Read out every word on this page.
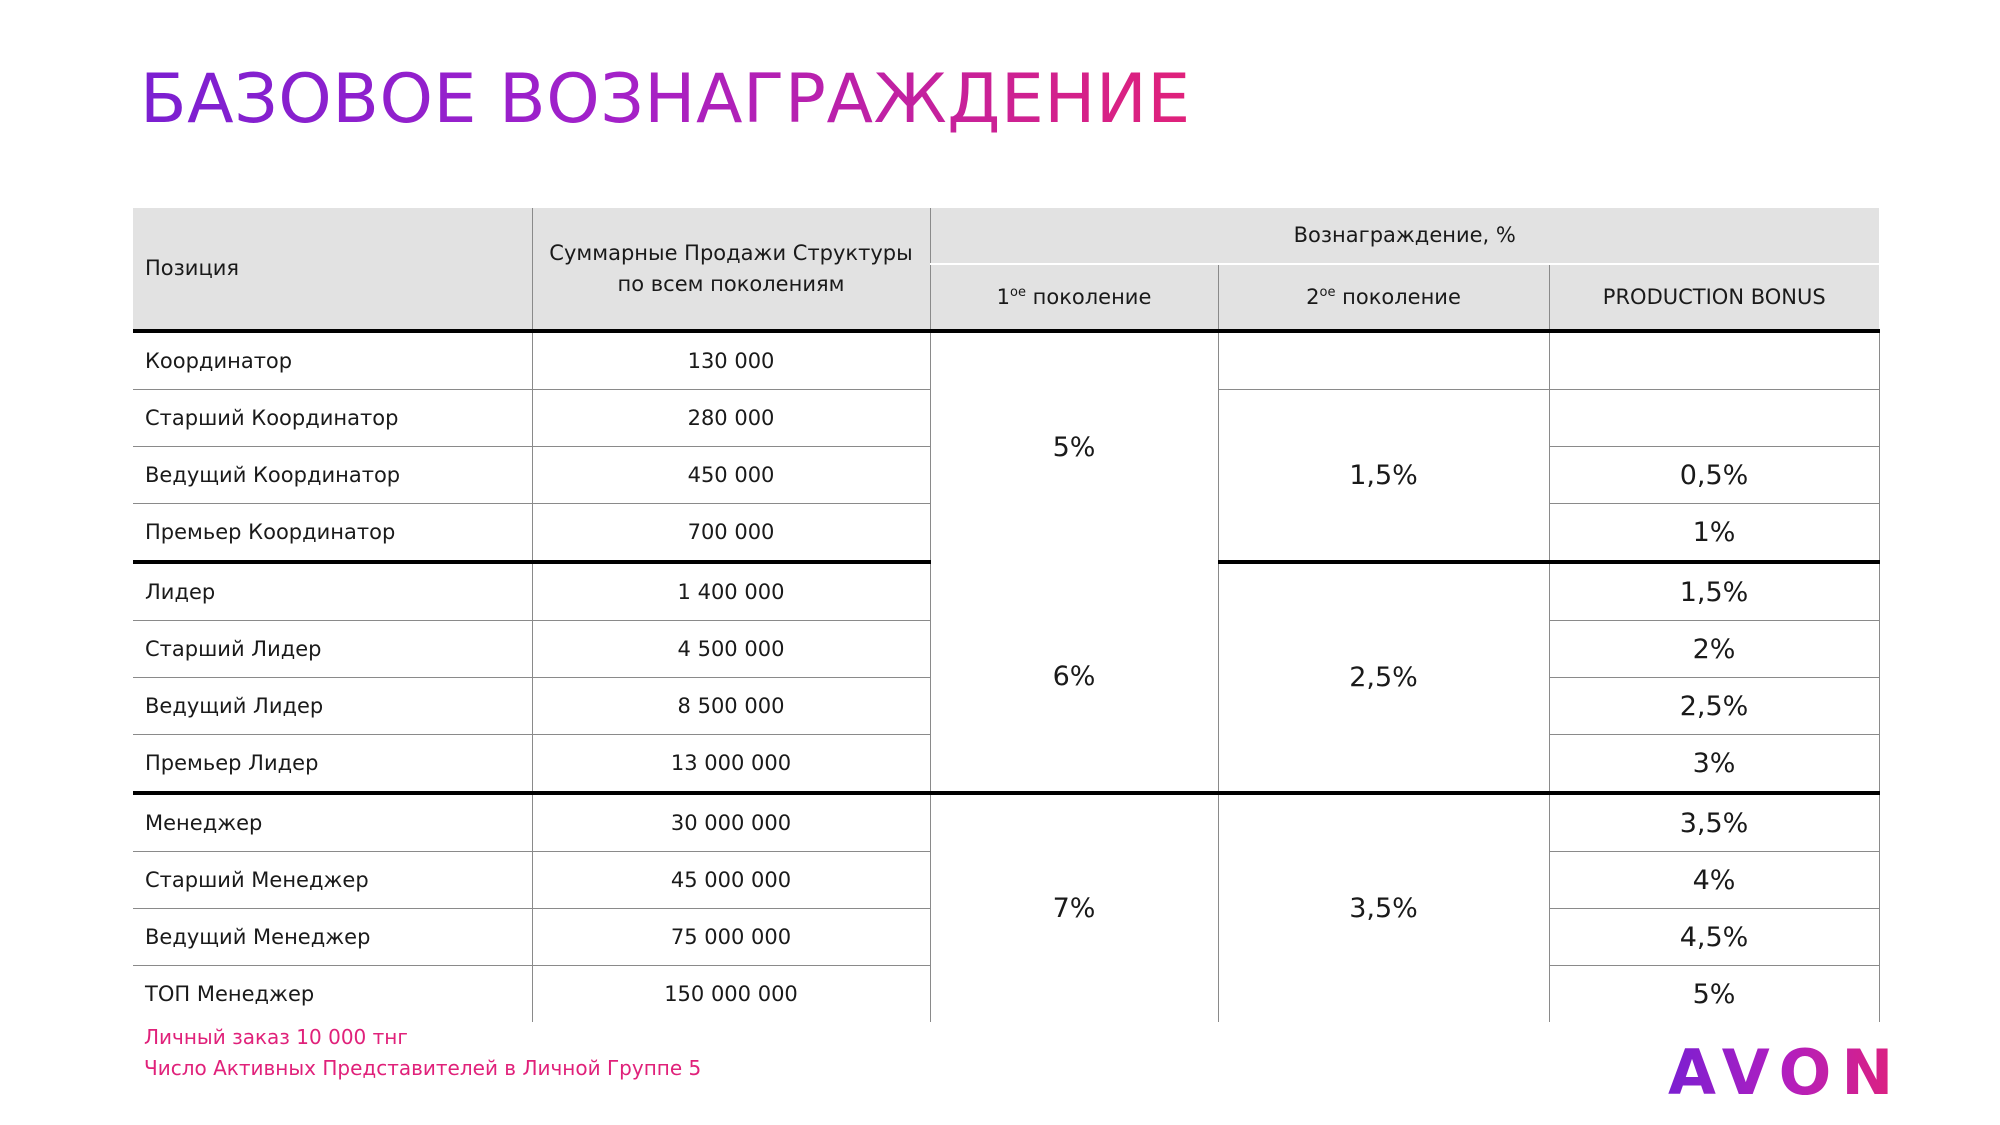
БАЗОВОЕ ВОЗНАГРАЖДЕНИЕ
Позиция	Суммарные Продажи Структуры по всем поколениям	Вознаграждение, %		
		$1^{ое}$ поколение	$2^{ое}$ поколение	PRODUCTION BONUS
Координатор	130 000	5%		
Старший Координатор	280 000		1,5%	
Ведущий Координатор	450 000			0,5%
Премьер Координатор	700 000			1%
Лидер	1 400 000	6%	2,5%	1,5%
Старший Лидер	4 500 000			2%
Ведущий Лидер	8 500 000			2,5%
Премьер Лидер	13 000 000			3%
Менеджер	30 000 000	7%	3,5%	3,5%
Старший Менеджер	45 000 000			4%
Ведущий Менеджер	75 000 000			4,5%
ТОП Менеджер	150 000 000			5%
Личный заказ 10 000 тнг
Число Активных Представителей в Личной Группе 5	AVON
